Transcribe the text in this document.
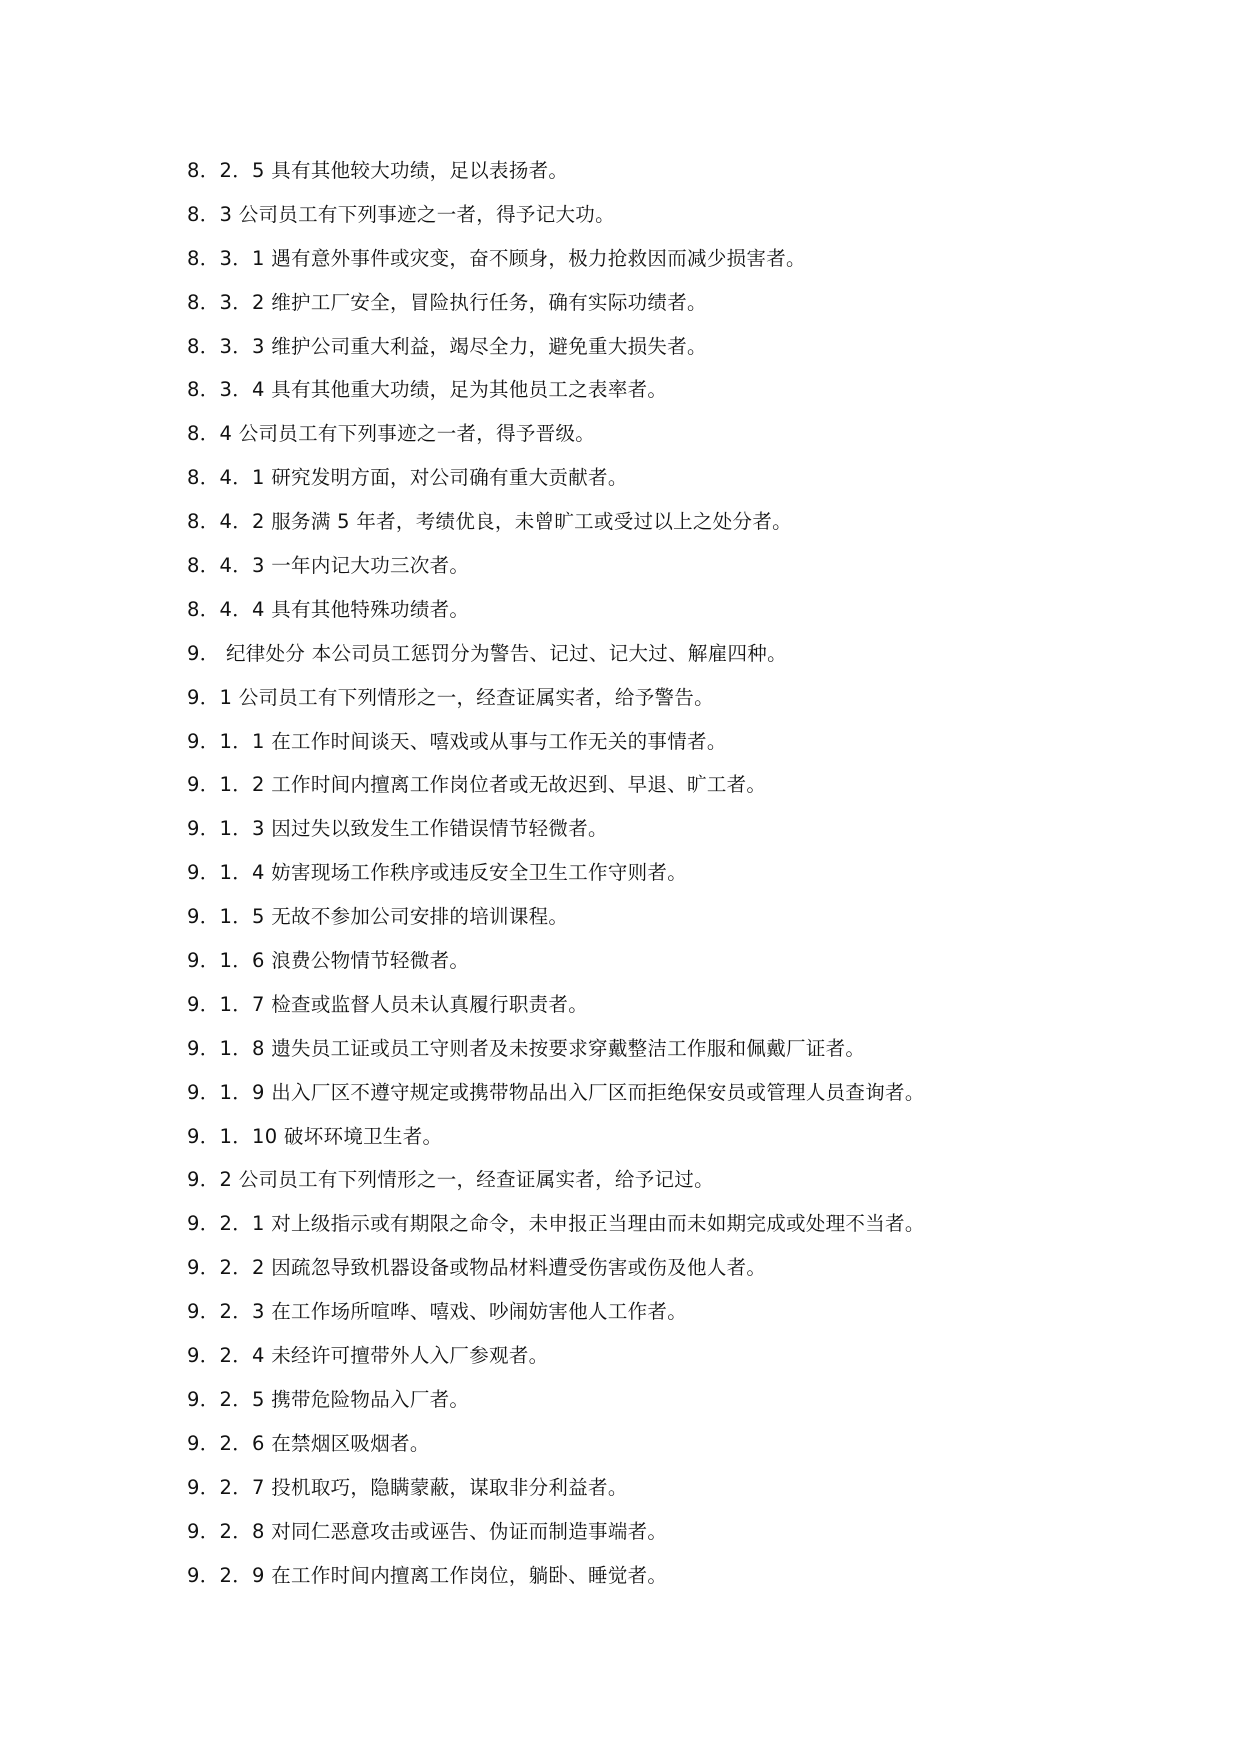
8．2．5 具有其他较大功绩，足以表扬者。
8．3 公司员工有下列事迹之一者，得予记大功。
8．3．1 遇有意外事件或灾变，奋不顾身，极力抢救因而减少损害者。
8．3．2 维护工厂安全，冒险执行任务，确有实际功绩者。
8．3．3 维护公司重大利益，竭尽全力，避免重大损失者。
8．3．4 具有其他重大功绩，足为其他员工之表率者。
8．4 公司员工有下列事迹之一者，得予晋级。
8．4．1 研究发明方面，对公司确有重大贡献者。
8．4．2 服务满 5 年者，考绩优良，未曾旷工或受过以上之处分者。
8．4．3 一年内记大功三次者。
8．4．4 具有其他特殊功绩者。
9． 纪律处分 本公司员工惩罚分为警告、记过、记大过、解雇四种。
9．1 公司员工有下列情形之一，经查证属实者，给予警告。
9．1．1 在工作时间谈天、嘻戏或从事与工作无关的事情者。
9．1．2 工作时间内擅离工作岗位者或无故迟到、早退、旷工者。
9．1．3 因过失以致发生工作错误情节轻微者。
9．1．4 妨害现场工作秩序或违反安全卫生工作守则者。
9．1．5 无故不参加公司安排的培训课程。
9．1．6 浪费公物情节轻微者。
9．1．7 检查或监督人员未认真履行职责者。
9．1．8 遗失员工证或员工守则者及未按要求穿戴整洁工作服和佩戴厂证者。
9．1．9 出入厂区不遵守规定或携带物品出入厂区而拒绝保安员或管理人员查询者。
9．1．10 破坏环境卫生者。
9．2 公司员工有下列情形之一，经查证属实者，给予记过。
9．2．1 对上级指示或有期限之命令，未申报正当理由而未如期完成或处理不当者。
9．2．2 因疏忽导致机器设备或物品材料遭受伤害或伤及他人者。
9．2．3 在工作场所喧哗、嘻戏、吵闹妨害他人工作者。
9．2．4 未经许可擅带外人入厂参观者。
9．2．5 携带危险物品入厂者。
9．2．6 在禁烟区吸烟者。
9．2．7 投机取巧，隐瞒蒙蔽，谋取非分利益者。
9．2．8 对同仁恶意攻击或诬告、伪证而制造事端者。
9．2．9 在工作时间内擅离工作岗位，躺卧、睡觉者。
